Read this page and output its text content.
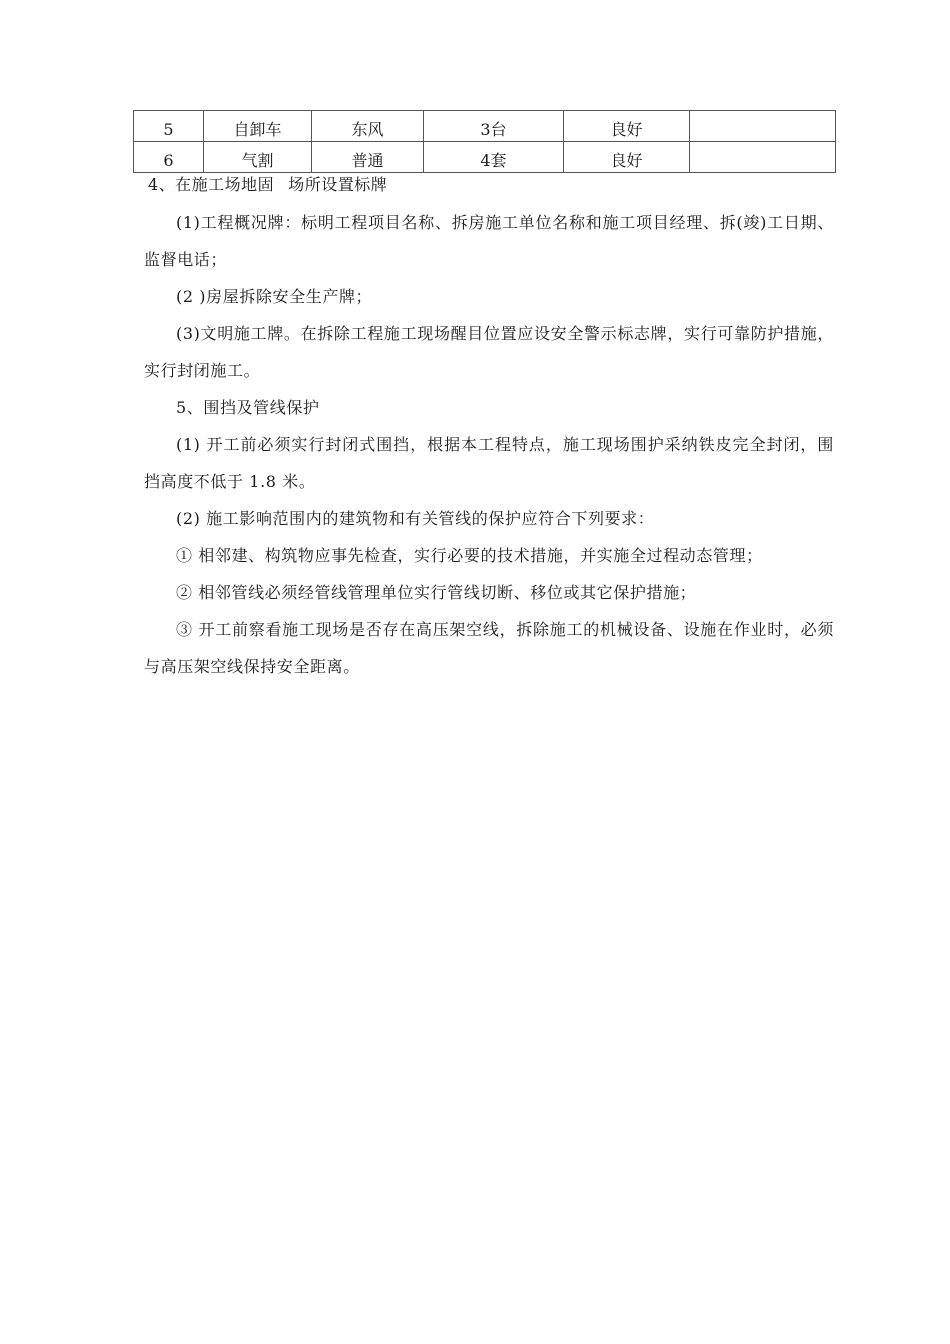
5	自卸车	东风	3台	良好	
6	气割	普通	4套	良好	
4、在施工场地固 场所设置标牌

(1)工程概况牌：标明工程项目名称、拆房施工单位名称和施工项目经理、拆(竣)工日期、监督电话；

(2 )房屋拆除安全生产牌；

(3)文明施工牌。在拆除工程施工现场醒目位置应设安全警示标志牌，实行可靠防护措施，实行封闭施工。

5、围挡及管线保护

(1) 开工前必须实行封闭式围挡，根据本工程特点，施工现场围护采纳铁皮完全封闭，围挡高度不低于 1.8 米。

(2) 施工影响范围内的建筑物和有关管线的保护应符合下列要求：

① 相邻建、构筑物应事先检查，实行必要的技术措施，并实施全过程动态管理；

② 相邻管线必须经管线管理单位实行管线切断、移位或其它保护措施；

③ 开工前察看施工现场是否存在高压架空线，拆除施工的机械设备、设施在作业时，必须与高压架空线保持安全距离。
